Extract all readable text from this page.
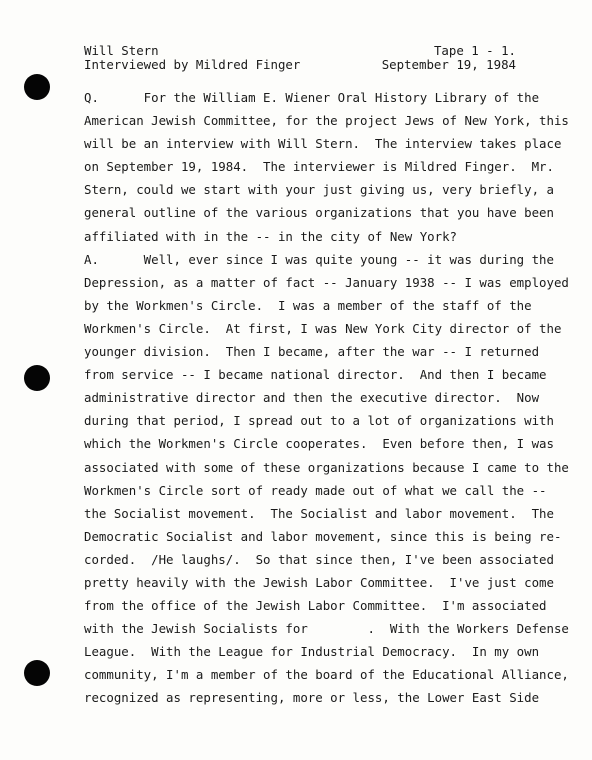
Will Stern	Tape 1 - 1.
Interviewed by Mildred Finger	September 19, 1984
Q.      For the William E. Wiener Oral History Library of the
American Jewish Committee, for the project Jews of New York, this
will be an interview with Will Stern.  The interview takes place
on September 19, 1984.  The interviewer is Mildred Finger.  Mr.
Stern, could we start with your just giving us, very briefly, a
general outline of the various organizations that you have been
affiliated with in the -- in the city of New York?
A.      Well, ever since I was quite young -- it was during the
Depression, as a matter of fact -- January 1938 -- I was employed
by the Workmen's Circle.  I was a member of the staff of the
Workmen's Circle.  At first, I was New York City director of the
younger division.  Then I became, after the war -- I returned
from service -- I became national director.  And then I became
administrative director and then the executive director.  Now
during that period, I spread out to a lot of organizations with
which the Workmen's Circle cooperates.  Even before then, I was
associated with some of these organizations because I came to the
Workmen's Circle sort of ready made out of what we call the --
the Socialist movement.  The Socialist and labor movement.  The
Democratic Socialist and labor movement, since this is being re-
corded.  /He laughs/.  So that since then, I've been associated
pretty heavily with the Jewish Labor Committee.  I've just come
from the office of the Jewish Labor Committee.  I'm associated
with the Jewish Socialists for        .  With the Workers Defense
League.  With the League for Industrial Democracy.  In my own
community, I'm a member of the board of the Educational Alliance,
recognized as representing, more or less, the Lower East Side
